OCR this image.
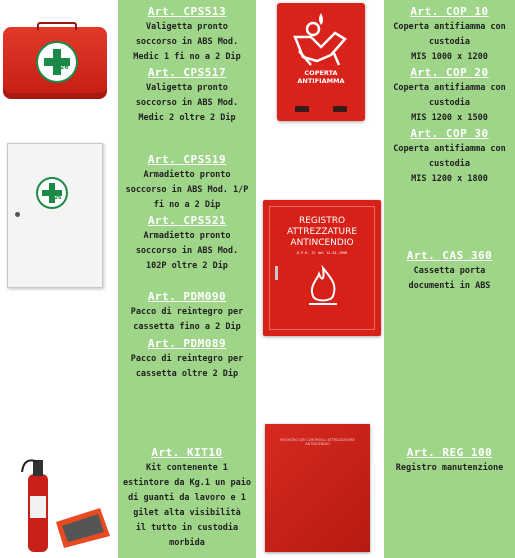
626
626
Art. CPS513
Valigetta pronto
soccorso in ABS Mod.
Medic 1 fi no a 2 Dip
Art. CPS517
Valigetta pronto
soccorso in ABS Mod.
Medic 2 oltre 2 Dip
Art. CPS519
Armadietto pronto
soccorso in ABS Mod. 1/P
fi no a 2 Dip
Art. CPS521
Armadietto pronto
soccorso in ABS Mod.
102P oltre 2 Dip
Art. PDM090
Pacco di reintegro per
cassetta fino a 2 Dip
Art. PDM089
Pacco di reintegro per
cassetta oltre 2 Dip
Art. KIT10
Kit contenente 1
estintore da Kg.1 un paio
di guanti da lavoro e 1
gilet alta visibilità
il tutto in custodia
morbida
COPERTA ANTIFIAMMA
REGISTRO
ATTREZZATURE
ANTINCENDIO
D.P.R. 37 del 12.01.1998
REGISTRO DEI CONTROLLI ATTREZZATURE ANTINCENDIO
Art. COP 10
Coperta antifiamma con
custodia
MIS 1000 x 1200
Art. COP 20
Coperta antifiamma con
custodia
MIS 1200 x 1500
Art. COP 30
Coperta antifiamma con
custodia
MIS 1200 x 1800
Art. CAS 360
Cassetta porta
documenti in ABS
Art. REG 100
Registro manutenzione
